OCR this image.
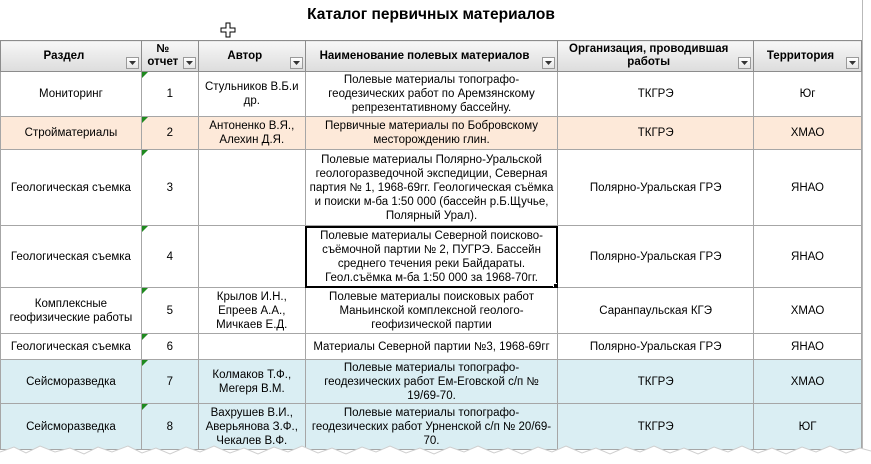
Каталог первичных материалов
Раздел	№ отчет	Автор	Наименование полевых материалов	Организация, проводившая работы	Территория

Мониторинг	1	Стульников В.Б.и др.	Полевые материалы топографо-геодезических работ по Аремзянскому репрезентативному бассейну.	ТКГРЭ	Юг
Стройматериалы	2	Антоненко В.Я., Алехин Д.Я.	Первичные материалы по Бобровскому месторождению глин.	ТКГРЭ	ХМАО
Геологическая съемка	3		Полевые материалы Полярно-Уральской геологоразведочной экспедиции, Северная партия № 1, 1968-69гг. Геологическая съёмка и поиски м-ба 1:50 000 (бассейн р.Б.Щучье, Полярный Урал).	Полярно-Уральская ГРЭ	ЯНАО
Геологическая съемка	4		Полевые материалы Северной поисково-съёмочной партии № 2, ПУГРЭ. Бассейн среднего течения реки Байдараты. Геол.съёмка м-ба 1:50 000 за 1968-70гг.	Полярно-Уральская ГРЭ	ЯНАО
Комплексные геофизические работы	5	Крылов И.Н., Епреев А.А., Мичкаев Е.Д.	Полевые материалы поисковых работ Маньинской комплексной геолого-геофизической партии	Саранпаульская КГЭ	ХМАО
Геологическая съемка	6		Материалы Северной партии №3, 1968-69гг	Полярно-Уральская ГРЭ	ЯНАО
Сейсморазведка	7	Колмаков Т.Ф., Мегеря В.М.	Полевые материалы топографо-геодезических работ Ем-Еговской с/п № 19/69-70.	ТКГРЭ	ХМАО
Сейсморазведка	8	Вахрушев В.И., Аверьянова З.Ф., Чекалев В.Ф.	Полевые материалы топографо-геодезических работ Урненской с/п № 20/69-70.	ТКГРЭ	ЮГ
